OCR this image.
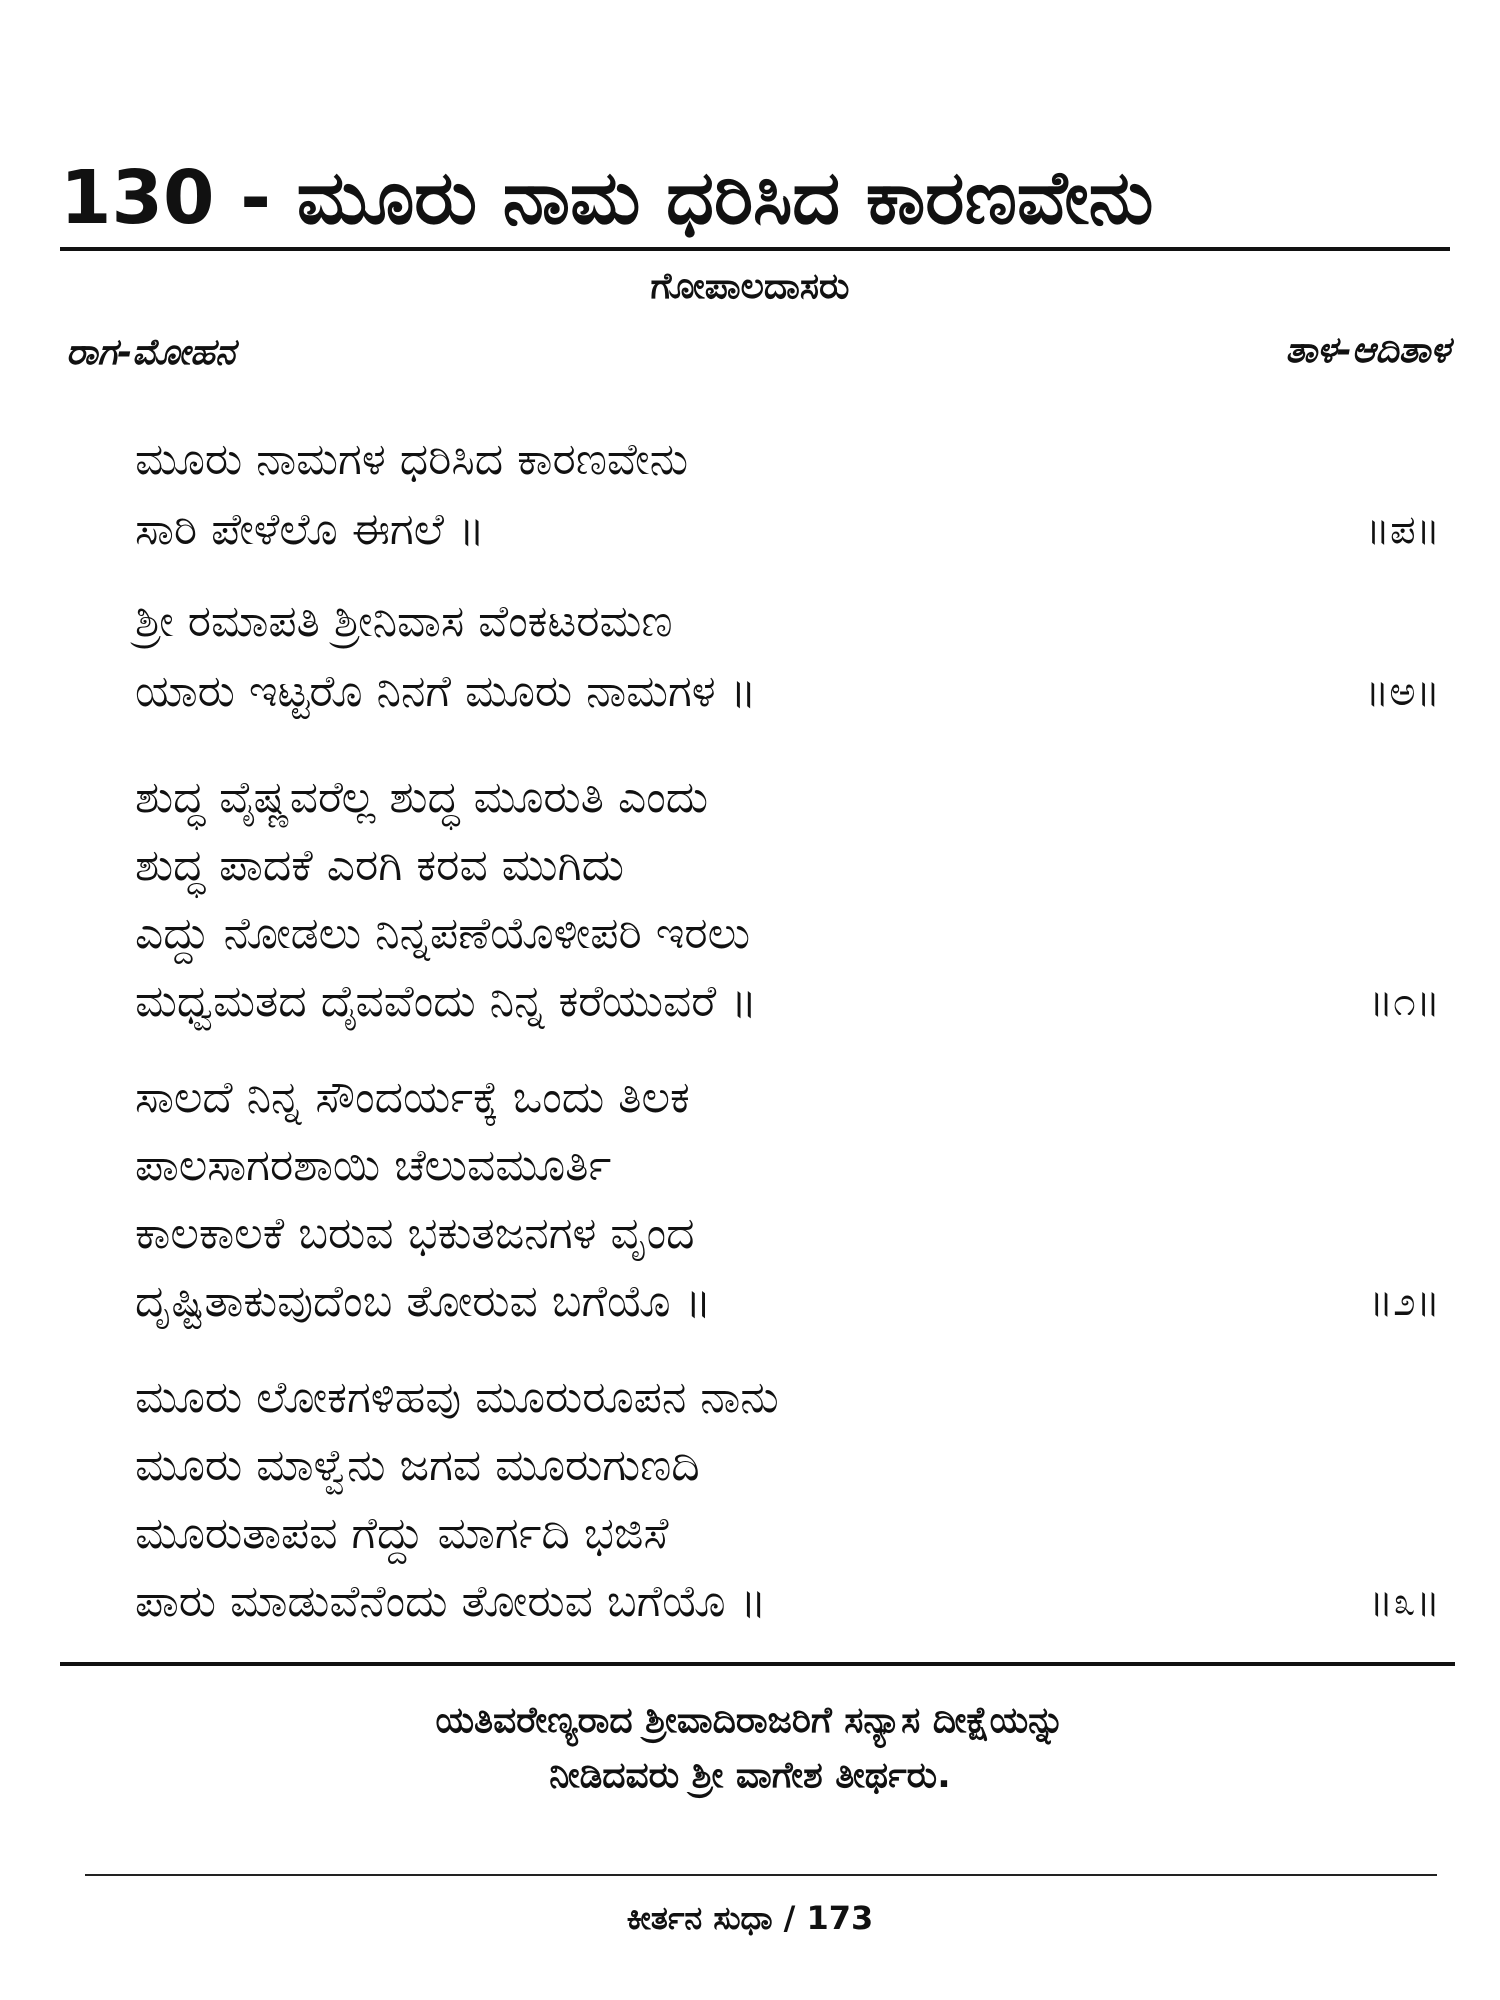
130 - ಮೂರು ನಾಮ ಧರಿಸಿದ ಕಾರಣವೇನು
ಗೋಪಾಲದಾಸರು
ರಾಗ-ಮೋಹನ	ತಾಳ-ಆದಿತಾಳ
ಮೂರು ನಾಮಗಳ ಧರಿಸಿದ ಕಾರಣವೇನು
ಸಾರಿ ಪೇಳೆಲೊ ಈಗಲೆ ॥	॥ಪ॥
ಶ್ರೀ ರಮಾಪತಿ ಶ್ರೀನಿವಾಸ ವೆಂಕಟರಮಣ
ಯಾರು ಇಟ್ಟರೊ ನಿನಗೆ ಮೂರು ನಾಮಗಳ ॥	॥ಅ॥
ಶುದ್ಧ ವೈಷ್ಣವರೆಲ್ಲ ಶುದ್ಧ ಮೂರುತಿ ಎಂದು
ಶುದ್ಧ ಪಾದಕೆ ಎರಗಿ ಕರವ ಮುಗಿದು
ಎದ್ದು ನೋಡಲು ನಿನ್ನಪಣೆಯೊಳೀಪರಿ ಇರಲು
ಮಧ್ವಮತದ ದೈವವೆಂದು ನಿನ್ನ ಕರೆಯುವರೆ ॥	॥೧॥
ಸಾಲದೆ ನಿನ್ನ ಸೌಂದರ್ಯಕ್ಕೆ ಒಂದು ತಿಲಕ
ಪಾಲಸಾಗರಶಾಯಿ ಚೆಲುವಮೂರ್ತಿ
ಕಾಲಕಾಲಕೆ ಬರುವ ಭಕುತಜನಗಳ ವೃಂದ
ದೃಷ್ಟಿತಾಕುವುದೆಂಬ ತೋರುವ ಬಗೆಯೊ ॥	॥೨॥
ಮೂರು ಲೋಕಗಳಿಹವು ಮೂರುರೂಪನ ನಾನು
ಮೂರು ಮಾಳ್ವೆನು ಜಗವ ಮೂರುಗುಣದಿ
ಮೂರುತಾಪವ ಗೆದ್ದು ಮಾರ್ಗದಿ ಭಜಿಸೆ
ಪಾರು ಮಾಡುವೆನೆಂದು ತೋರುವ ಬಗೆಯೊ ॥	॥೩॥
ಯತಿವರೇಣ್ಯರಾದ ಶ್ರೀವಾದಿರಾಜರಿಗೆ ಸನ್ಯಾಸ ದೀಕ್ಷೆಯನ್ನು
ನೀಡಿದವರು ಶ್ರೀ ವಾಗೇಶ ತೀರ್ಥರು.
ಕೀರ್ತನ ಸುಧಾ / 173
